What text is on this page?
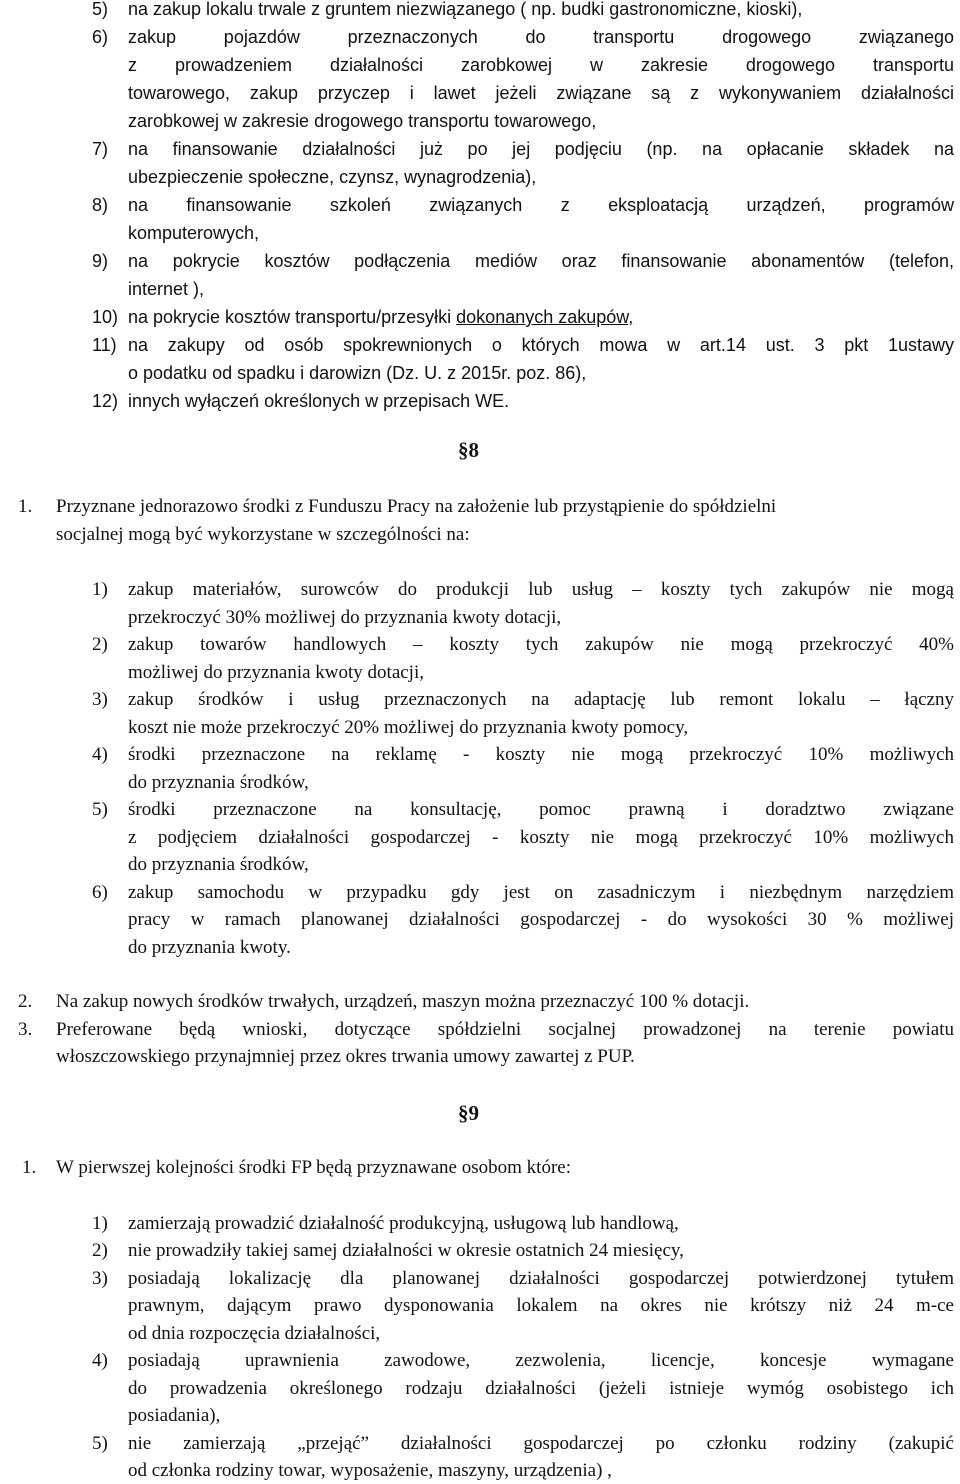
5) na zakup lokalu trwale z gruntem niezwiązanego ( np. budki gastronomiczne, kioski),
6) zakup pojazdów przeznaczonych do transportu drogowego związanego
z prowadzeniem działalności zarobkowej w zakresie drogowego transportu
towarowego, zakup przyczep i lawet jeżeli związane są z wykonywaniem działalności
zarobkowej w zakresie drogowego transportu towarowego,
7) na finansowanie działalności już po jej podjęciu (np. na opłacanie składek na
ubezpieczenie społeczne, czynsz, wynagrodzenia),
8) na finansowanie szkoleń związanych z eksploatacją urządzeń, programów
komputerowych,
9) na pokrycie kosztów podłączenia mediów oraz finansowanie abonamentów (telefon,
internet ),
10) na pokrycie kosztów transportu/przesyłki dokonanych zakupów,
11) na zakupy od osób spokrewnionych o których mowa w art.14 ust. 3 pkt 1ustawy
o podatku od spadku i darowizn (Dz. U. z 2015r. poz. 86),
12) innych wyłączeń określonych w przepisach WE.
§8
1. Przyznane jednorazowo środki z Funduszu Pracy na założenie lub przystąpienie do spółdzielni
socjalnej mogą być wykorzystane w szczególności na:
1) zakup materiałów, surowców do produkcji lub usług – koszty tych zakupów nie mogą
przekroczyć 30% możliwej do przyznania kwoty dotacji,
2) zakup towarów handlowych – koszty tych zakupów nie mogą przekroczyć 40%
możliwej do przyznania kwoty dotacji,
3) zakup środków i usług przeznaczonych na adaptację lub remont lokalu – łączny
koszt nie może przekroczyć 20% możliwej do przyznania kwoty pomocy,
4) środki przeznaczone na reklamę - koszty nie mogą przekroczyć 10% możliwych
do przyznania środków,
5) środki przeznaczone na konsultację, pomoc prawną i doradztwo związane
z podjęciem działalności gospodarczej - koszty nie mogą przekroczyć 10% możliwych
do przyznania środków,
6) zakup samochodu w przypadku gdy jest on zasadniczym i niezbędnym narzędziem
pracy w ramach planowanej działalności gospodarczej - do wysokości 30 % możliwej
do przyznania kwoty.
2. Na zakup nowych środków trwałych, urządzeń, maszyn można przeznaczyć 100 % dotacji.
3. Preferowane będą wnioski, dotyczące spółdzielni socjalnej prowadzonej na terenie powiatu
włoszczowskiego przynajmniej przez okres trwania umowy zawartej z PUP.
§9
1. W pierwszej kolejności środki FP będą przyznawane osobom które:
1) zamierzają prowadzić działalność produkcyjną, usługową lub handlową,
2) nie prowadziły takiej samej działalności w okresie ostatnich 24 miesięcy,
3) posiadają lokalizację dla planowanej działalności gospodarczej potwierdzonej tytułem
prawnym, dającym prawo dysponowania lokalem na okres nie krótszy niż 24 m-ce
od dnia rozpoczęcia działalności,
4) posiadają uprawnienia zawodowe, zezwolenia, licencje, koncesje wymagane
do prowadzenia określonego rodzaju działalności (jeżeli istnieje wymóg osobistego ich
posiadania),
5) nie zamierzają „przejąć” działalności gospodarczej po członku rodziny (zakupić
od członka rodziny towar, wyposażenie, maszyny, urządzenia) ,
